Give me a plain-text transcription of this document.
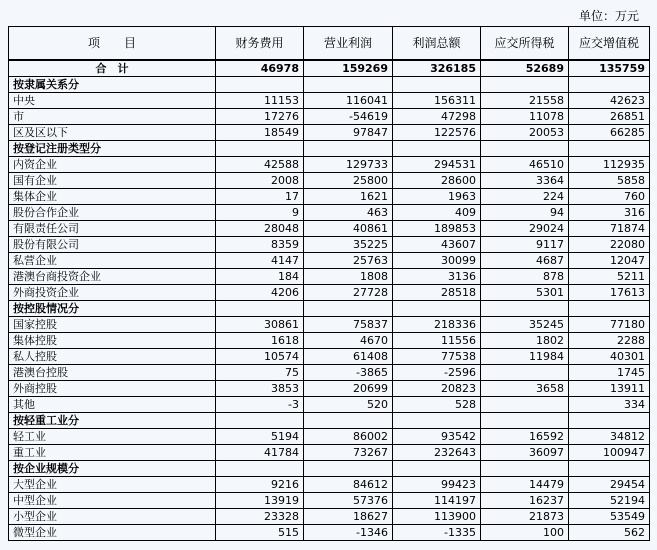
单位：万元
项　　目	财务费用	营业利润	利润总额	应交所得税	应交增值税
合　计	46978	159269	326185	52689	135759
按隶属关系分					
中央	11153	116041	156311	21558	42623
市	17276	-54619	47298	11078	26851
区及区以下	18549	97847	122576	20053	66285
按登记注册类型分					
内资企业	42588	129733	294531	46510	112935
国有企业	2008	25800	28600	3364	5858
集体企业	17	1621	1963	224	760
股份合作企业	9	463	409	94	316
有限责任公司	28048	40861	189853	29024	71874
股份有限公司	8359	35225	43607	9117	22080
私营企业	4147	25763	30099	4687	12047
港澳台商投资企业	184	1808	3136	878	5211
外商投资企业	4206	27728	28518	5301	17613
按控股情况分					
国家控股	30861	75837	218336	35245	77180
集体控股	1618	4670	11556	1802	2288
私人控股	10574	61408	77538	11984	40301
港澳台控股	75	-3865	-2596		1745
外商控股	3853	20699	20823	3658	13911
其他	-3	520	528		334
按轻重工业分					
轻工业	5194	86002	93542	16592	34812
重工业	41784	73267	232643	36097	100947
按企业规模分					
大型企业	9216	84612	99423	14479	29454
中型企业	13919	57376	114197	16237	52194
小型企业	23328	18627	113900	21873	53549
微型企业	515	-1346	-1335	100	562
